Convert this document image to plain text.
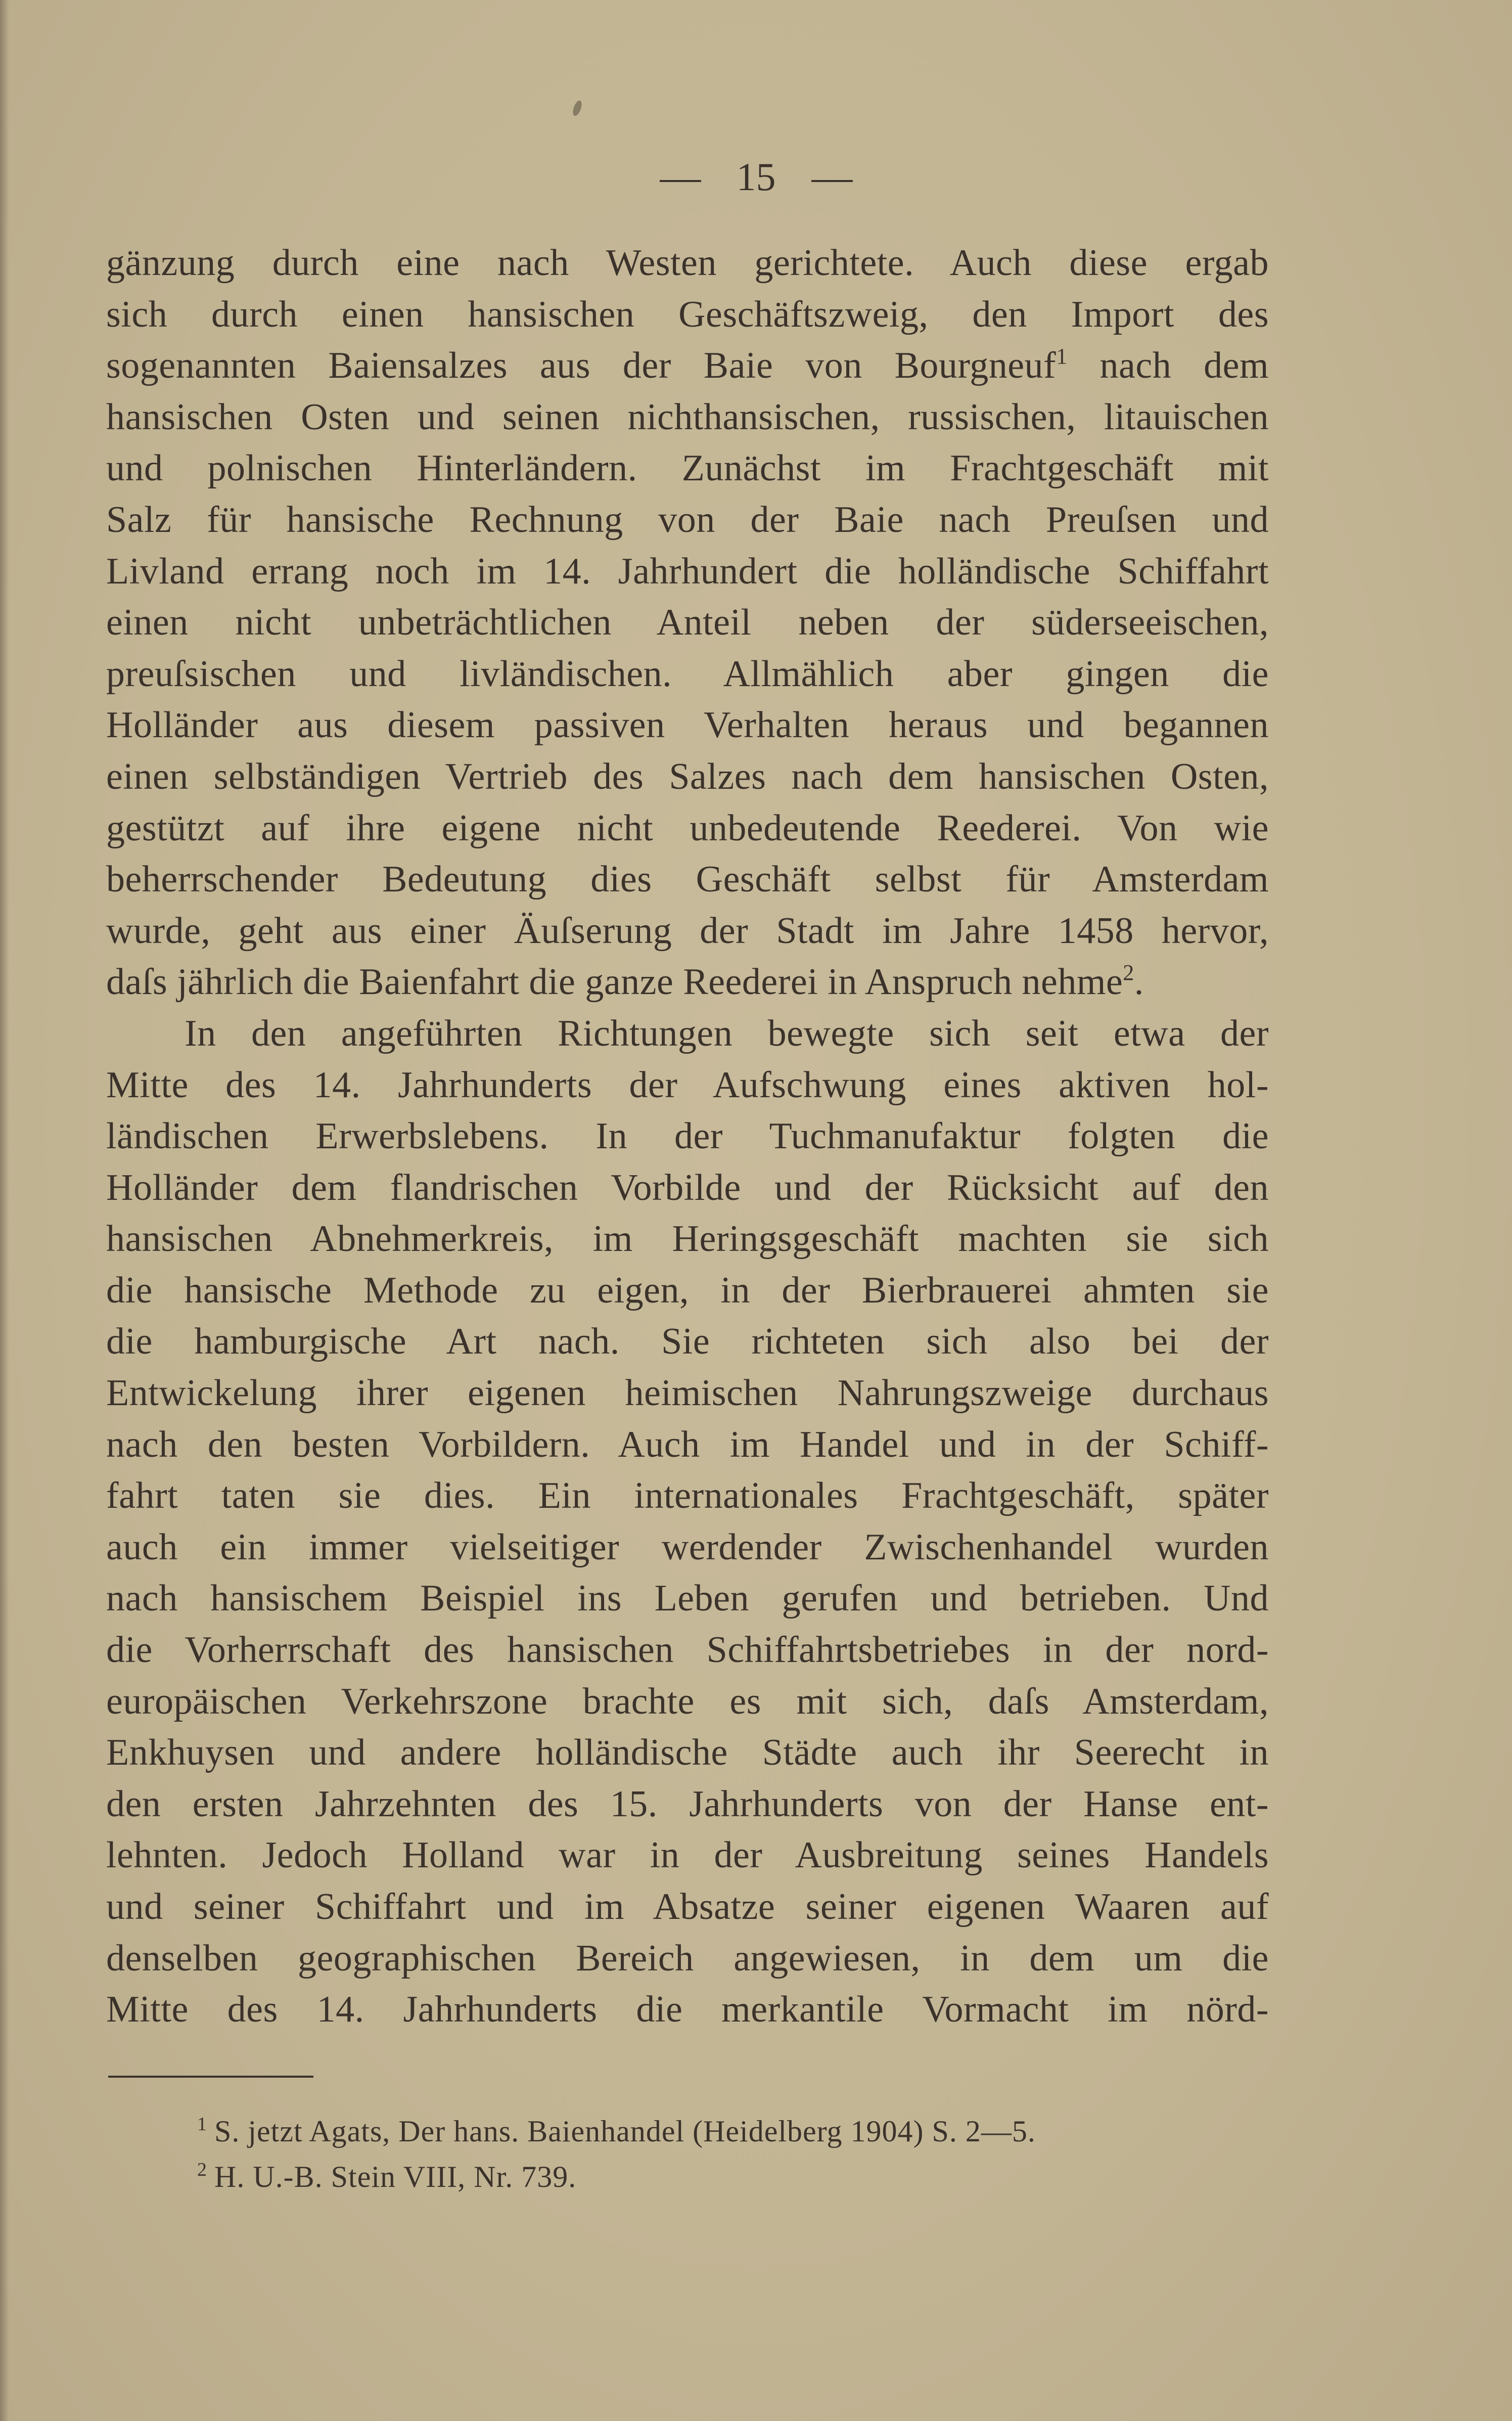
15
gänzung durch eine nach Westen gerichtete. Auch diese ergab
sich durch einen hansischen Geschäftszweig, den Import des
sogenannten Baiensalzes aus der Baie von Bourgneuf$^1$ nach dem
hansischen Osten und seinen nichthansischen, russischen, litauischen
und polnischen Hinterländern. Zunächst im Frachtgeschäft mit
Salz für hansische Rechnung von der Baie nach Preuſsen und
Livland errang noch im 14. Jahrhundert die holländische Schiffahrt
einen nicht unbeträchtlichen Anteil neben der süderseeischen,
preuſsischen und livländischen. Allmählich aber gingen die
Holländer aus diesem passiven Verhalten heraus und begannen
einen selbständigen Vertrieb des Salzes nach dem hansischen Osten,
gestützt auf ihre eigene nicht unbedeutende Reederei. Von wie
beherrschender Bedeutung dies Geschäft selbst für Amsterdam
wurde, geht aus einer Äuſserung der Stadt im Jahre 1458 hervor,
daſs jährlich die Baienfahrt die ganze Reederei in Anspruch nehme$^2$.
In den angeführten Richtungen bewegte sich seit etwa der
Mitte des 14. Jahrhunderts der Aufschwung eines aktiven hol-
ländischen Erwerbslebens. In der Tuchmanufaktur folgten die
Holländer dem flandrischen Vorbilde und der Rücksicht auf den
hansischen Abnehmerkreis, im Heringsgeschäft machten sie sich
die hansische Methode zu eigen, in der Bierbrauerei ahmten sie
die hamburgische Art nach. Sie richteten sich also bei der
Entwickelung ihrer eigenen heimischen Nahrungszweige durchaus
nach den besten Vorbildern. Auch im Handel und in der Schiff-
fahrt taten sie dies. Ein internationales Frachtgeschäft, später
auch ein immer vielseitiger werdender Zwischenhandel wurden
nach hansischem Beispiel ins Leben gerufen und betrieben. Und
die Vorherrschaft des hansischen Schiffahrtsbetriebes in der nord-
europäischen Verkehrszone brachte es mit sich, daſs Amsterdam,
Enkhuysen und andere holländische Städte auch ihr Seerecht in
den ersten Jahrzehnten des 15. Jahrhunderts von der Hanse ent-
lehnten. Jedoch Holland war in der Ausbreitung seines Handels
und seiner Schiffahrt und im Absatze seiner eigenen Waaren auf
denselben geographischen Bereich angewiesen, in dem um die
Mitte des 14. Jahrhunderts die merkantile Vormacht im nörd-
$^1$ S. jetzt Agats, Der hans. Baienhandel (Heidelberg 1904) S. 2—5.
$^2$ H. U.-B. Stein VIII, Nr. 739.
